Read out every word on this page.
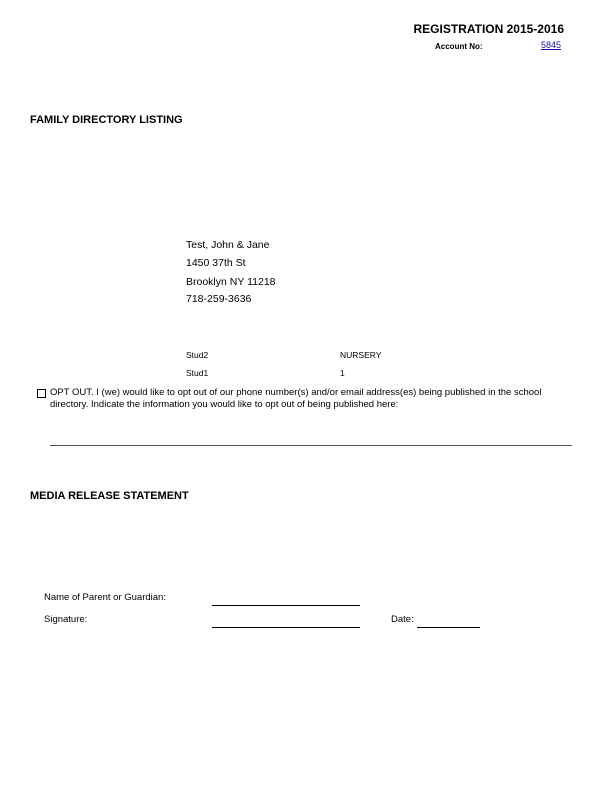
REGISTRATION 2015-2016
Account No:	5845
FAMILY DIRECTORY LISTING
Test, John & Jane
1450 37th St
Brooklyn NY 11218
718-259-3636
Stud2	NURSERY
Stud1	1
OPT OUT. I (we) would like to opt out of our phone number(s) and/or email address(es) being published in the school directory. Indicate the information you would like to opt out of being published here:
MEDIA RELEASE STATEMENT
Name of Parent or Guardian:
Signature:	Date:
